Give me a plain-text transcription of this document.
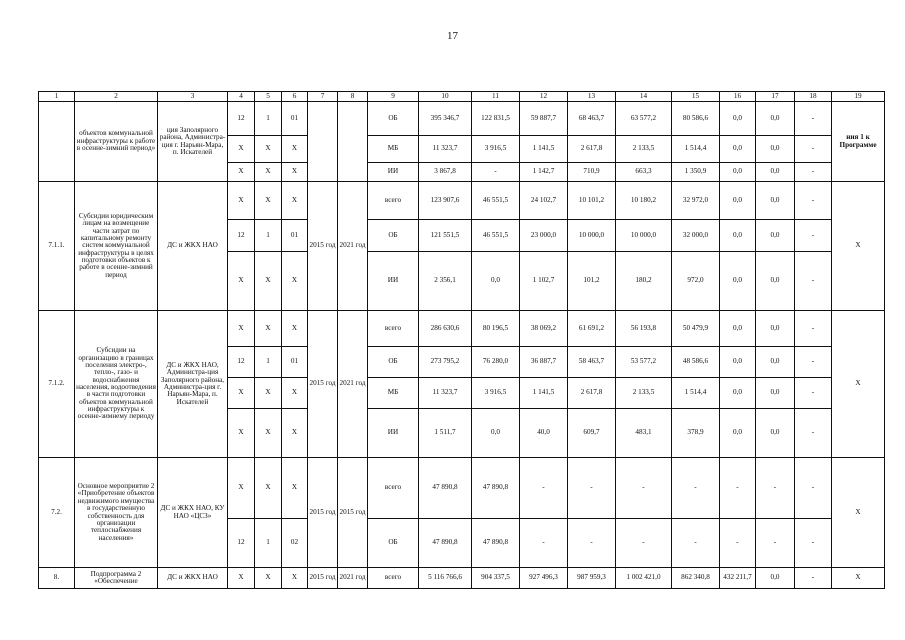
17
1	2	3	4	5	6	7	8	9	10	11	12	13	14	15	16	17	18	19
	объектов коммунальной инфраструктуры к работе в осенне-зимний период»	ция Заполярного района, Администра-ция г. Нарьян-Мара, п. Искателей	12	1	01			ОБ	395 346,7	122 831,5	59 887,7	68 463,7	63 577,2	80 586,6	0,0	0,0	-	ния 1 к Программе
			X	X	X			МБ	11 323,7	3 916,5	1 141,5	2 617,8	2 133,5	1 514,4	0,0	0,0	-	
			X	X	X			ИИ	3 867,8	-	1 142,7	710,9	663,3	1 350,9	0,0	0,0	-	
7.1.1.	Субсидии юридическим лицам на возмещение части затрат по капитальному ремонту систем коммунальной инфраструктуры в целях подготовки объектов к работе в осенне-зимний период	ДС и ЖКХ НАО	X	X	X	2015 год	2021 год	всего	123 907,6	46 551,5	24 102,7	10 101,2	10 180,2	32 972,0	0,0	0,0	-	X
			12	1	01			ОБ	121 551,5	46 551,5	23 000,0	10 000,0	10 000,0	32 000,0	0,0	0,0	-	
			X	X	X			ИИ	2 356,1	0,0	1 102,7	101,2	180,2	972,0	0,0	0,0	-	
7.1.2.	Субсидии на организацию в границах поселения электро-, тепло-, газо- и водоснабжения населения, водоотведения в части подготовки объектов коммунальной инфраструктуры к осенне-зимнему периоду	ДС и ЖКХ НАО, Администра-ция Заполярного района, Администра-ция г. Нарьян-Мара, п. Искателей	X	X	X	2015 год	2021 год	всего	286 630,6	80 196,5	38 069,2	61 691,2	56 193,8	50 479,9	0,0	0,0	-	X
			12	1	01			ОБ	273 795,2	76 280,0	36 887,7	58 463,7	53 577,2	48 586,6	0,0	0,0	-	
			X	X	X			МБ	11 323,7	3 916,5	1 141,5	2 617,8	2 133,5	1 514,4	0,0	0,0	-	
			X	X	X			ИИ	1 511,7	0,0	40,0	609,7	483,1	378,9	0,0	0,0	-	
7.2.	Основное мероприятие 2 «Приобретение объектов недвижимого имущества в государственную собственность для организации теплоснабжения населения»	ДС и ЖКХ НАО, КУ НАО «ЦСЗ»	X	X	X	2015 год	2015 год	всего	47 890,8	47 890,8	-	-	-	-	-	-	-	X
			12	1	02			ОБ	47 890,8	47 890,8	-	-	-	-	-	-	-	
8.	Подпрограмма 2 «Обеспечение	ДС и ЖКХ НАО	X	X	X	2015 год	2021 год	всего	5 116 766,6	904 337,5	927 496,3	987 959,3	1 002 421,0	862 340,8	432 211,7	0,0	-	X
